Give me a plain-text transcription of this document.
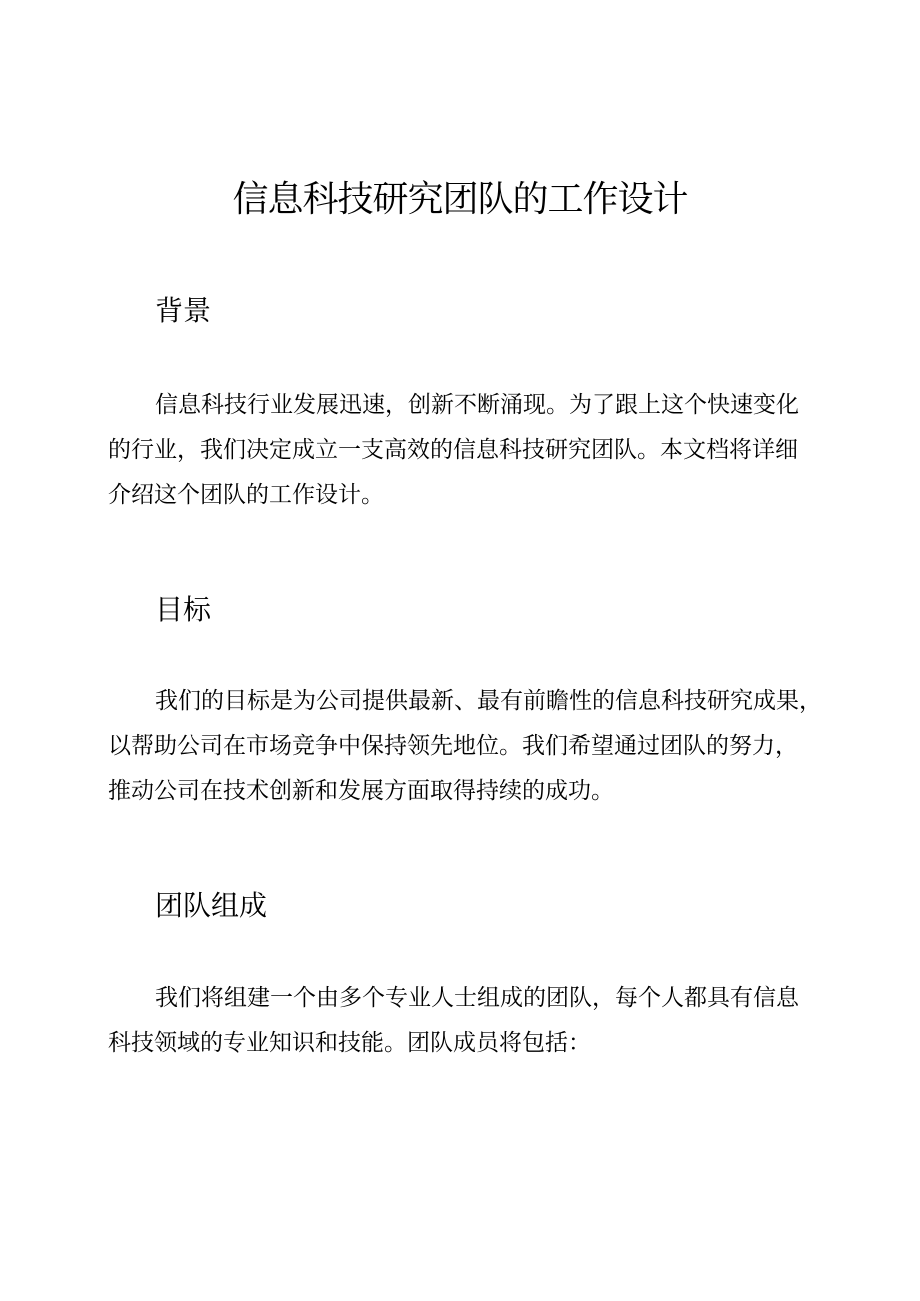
信息科技研究团队的工作设计
背景
信息科技行业发展迅速，创新不断涌现。为了跟上这个快速变化
的行业，我们决定成立一支高效的信息科技研究团队。本文档将详细
介绍这个团队的工作设计。
目标
我们的目标是为公司提供最新、最有前瞻性的信息科技研究成果，
以帮助公司在市场竞争中保持领先地位。我们希望通过团队的努力，
推动公司在技术创新和发展方面取得持续的成功。
团队组成
我们将组建一个由多个专业人士组成的团队，每个人都具有信息
科技领域的专业知识和技能。团队成员将包括：
